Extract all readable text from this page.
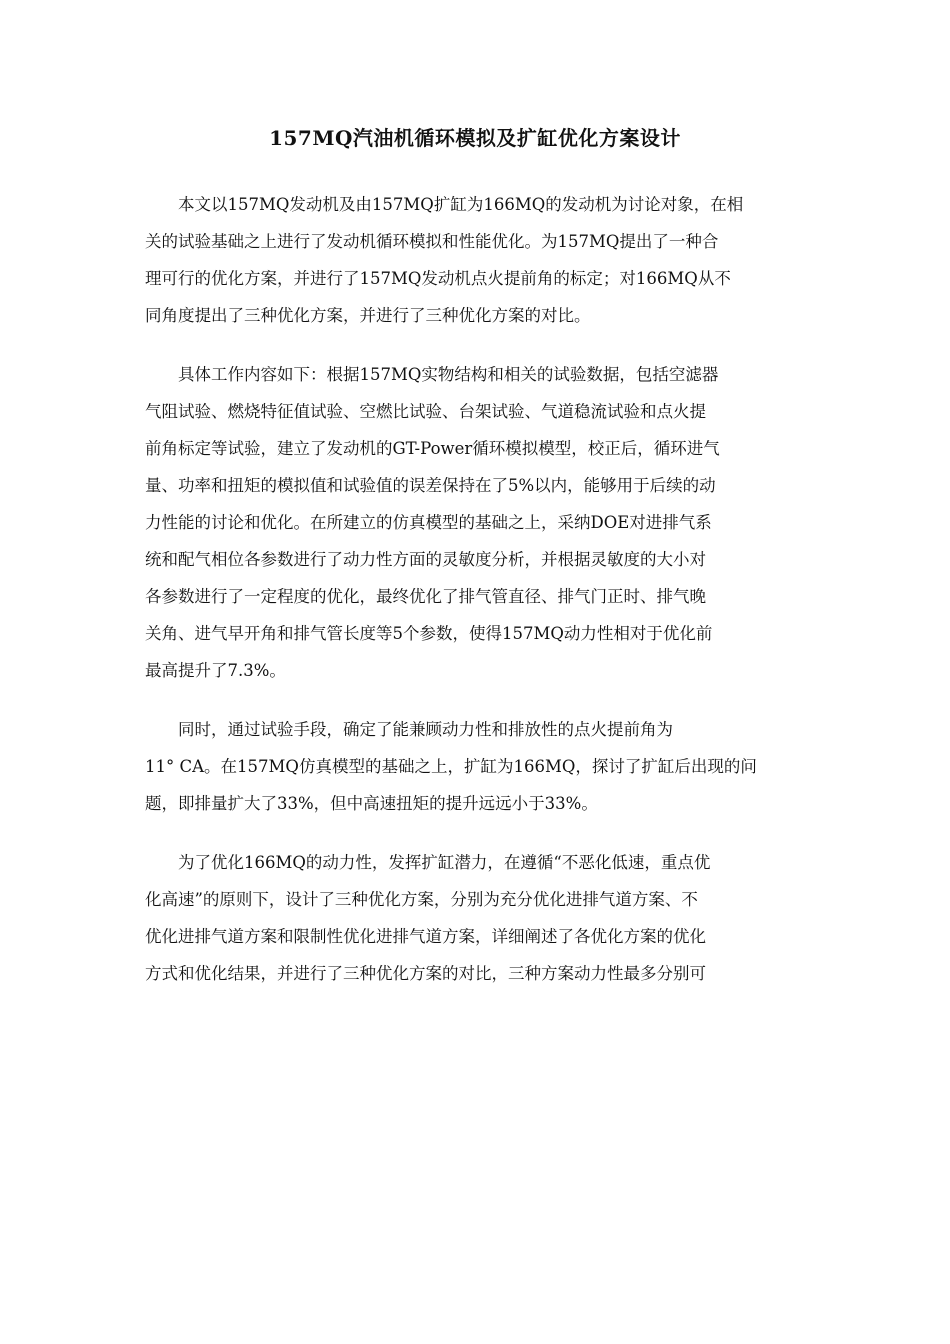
157MQ汽油机循环模拟及扩缸优化方案设计

本文以157MQ发动机及由157MQ扩缸为166MQ的发动机为讨论对象，在相
关的试验基础之上进行了发动机循环模拟和性能优化。为157MQ提出了一种合
理可行的优化方案，并进行了157MQ发动机点火提前角的标定；对166MQ从不
同角度提出了三种优化方案，并进行了三种优化方案的对比。

具体工作内容如下：根据157MQ实物结构和相关的试验数据，包括空滤器
气阻试验、燃烧特征值试验、空燃比试验、台架试验、气道稳流试验和点火提
前角标定等试验，建立了发动机的GT-Power循环模拟模型，校正后，循环进气
量、功率和扭矩的模拟值和试验值的误差保持在了5%以内，能够用于后续的动
力性能的讨论和优化。在所建立的仿真模型的基础之上，采纳DOE对进排气系
统和配气相位各参数进行了动力性方面的灵敏度分析，并根据灵敏度的大小对
各参数进行了一定程度的优化，最终优化了排气管直径、排气门正时、排气晚
关角、进气早开角和排气管长度等5个参数，使得157MQ动力性相对于优化前
最高提升了7.3%。

同时，通过试验手段，确定了能兼顾动力性和排放性的点火提前角为
11° CA。在157MQ仿真模型的基础之上，扩缸为166MQ，探讨了扩缸后出现的问
题，即排量扩大了33%，但中高速扭矩的提升远远小于33%。

为了优化166MQ的动力性，发挥扩缸潜力，在遵循“不恶化低速，重点优
化高速”的原则下，设计了三种优化方案，分别为充分优化进排气道方案、不
优化进排气道方案和限制性优化进排气道方案，详细阐述了各优化方案的优化
方式和优化结果，并进行了三种优化方案的对比，三种方案动力性最多分别可
